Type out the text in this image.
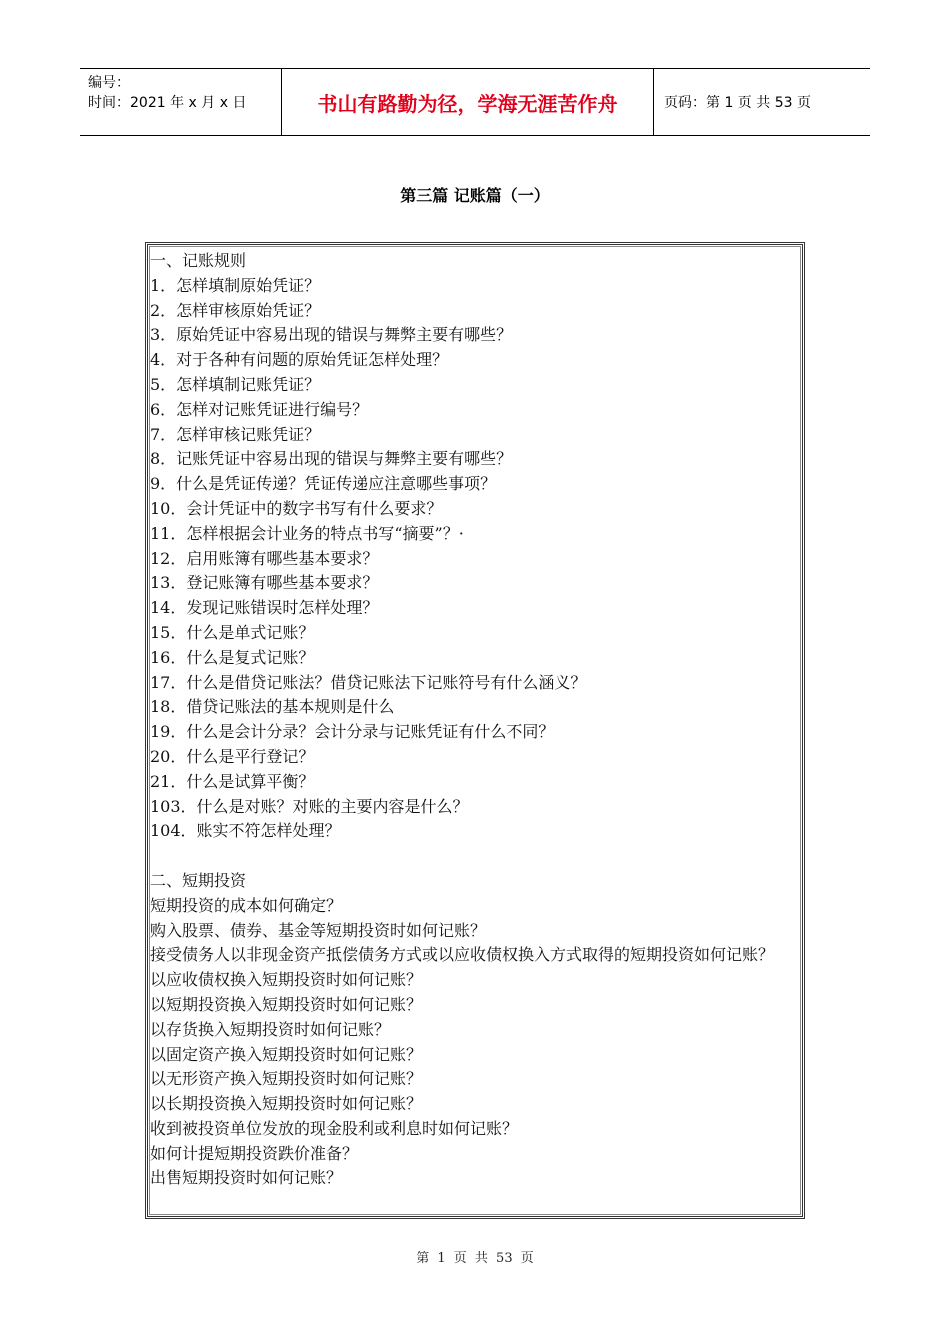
编号：
时间：2021 年 x 月 x 日	书山有路勤为径，学海无涯苦作舟	页码：第 1 页 共 53 页
第三篇 记账篇（一）
一、记账规则
1．怎样填制原始凭证？
2．怎样审核原始凭证？
3．原始凭证中容易出现的错误与舞弊主要有哪些？
4．对于各种有问题的原始凭证怎样处理？
5．怎样填制记账凭证？
6．怎样对记账凭证进行编号？
7．怎样审核记账凭证？
8．记账凭证中容易出现的错误与舞弊主要有哪些？
9．什么是凭证传递？凭证传递应注意哪些事项？
10．会计凭证中的数字书写有什么要求？
11．怎样根据会计业务的特点书写“摘要”？·
12．启用账簿有哪些基本要求？
13．登记账簿有哪些基本要求？
14．发现记账错误时怎样处理？
15．什么是单式记账？
16．什么是复式记账？
17．什么是借贷记账法？借贷记账法下记账符号有什么涵义？
18．借贷记账法的基本规则是什么
19．什么是会计分录？会计分录与记账凭证有什么不同？
20．什么是平行登记？
21．什么是试算平衡？
103．什么是对账？对账的主要内容是什么？
104．账实不符怎样处理？
二、短期投资
短期投资的成本如何确定？
购入股票、债券、基金等短期投资时如何记账？
接受债务人以非现金资产抵偿债务方式或以应收债权换入方式取得的短期投资如何记账？
以应收债权换入短期投资时如何记账？
以短期投资换入短期投资时如何记账？
以存货换入短期投资时如何记账？
以固定资产换入短期投资时如何记账？
以无形资产换入短期投资时如何记账？
以长期投资换入短期投资时如何记账？
收到被投资单位发放的现金股利或利息时如何记账？
如何计提短期投资跌价准备？
出售短期投资时如何记账？
第 1 页 共 53 页
